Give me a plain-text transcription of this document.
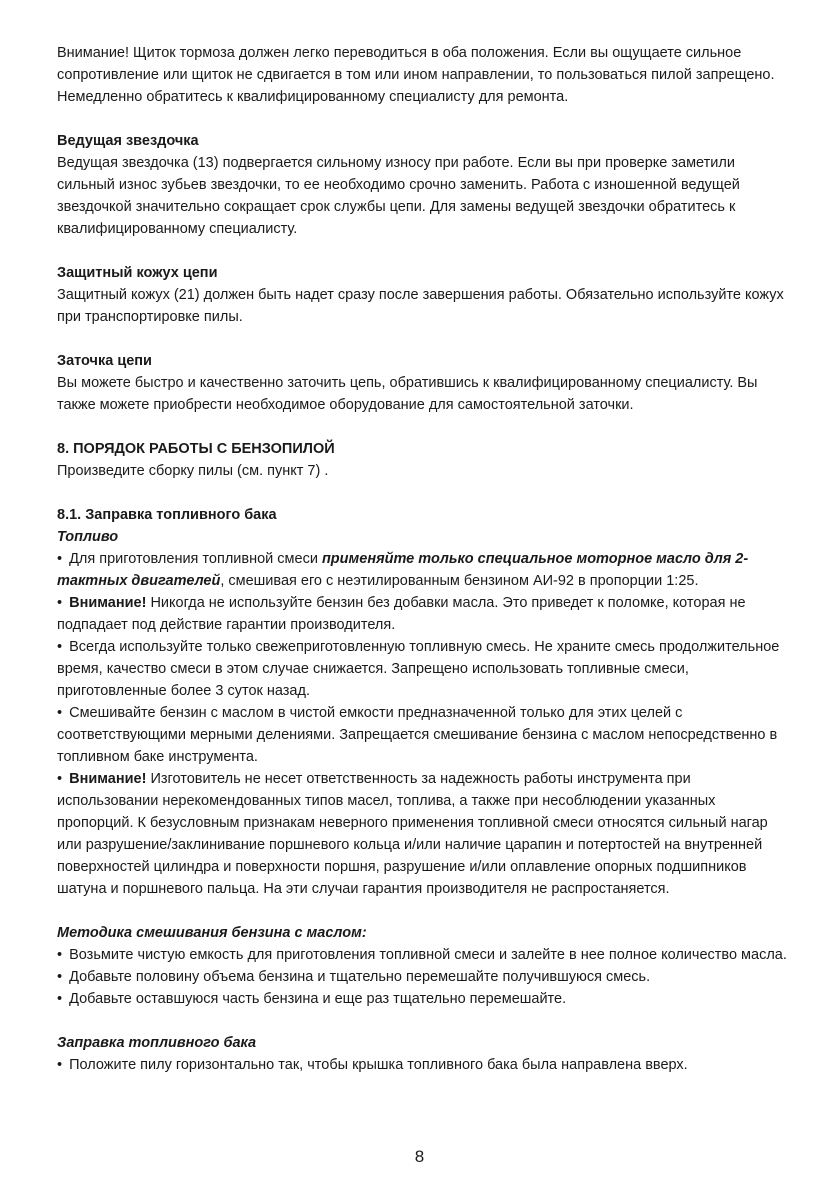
Внимание! Щиток тормоза должен легко переводиться в оба положения. Если вы ощущаете сильное сопротивление или щиток не сдвигается в том или ином направлении, то пользоваться пилой запрещено. Немедленно обратитесь к квалифицированному специалисту для ремонта.

Ведущая звездочка

Ведущая звездочка (13) подвергается сильному износу при работе. Если вы при проверке заметили сильный износ зубьев звездочки, то ее необходимо срочно заменить. Работа с изношенной ведущей звездочкой значительно сокращает срок службы цепи. Для замены ведущей звездочки обратитесь к квалифицированному специалисту.

Защитный кожух цепи

Защитный кожух (21) должен быть надет сразу после завершения работы. Обязательно используйте кожух при транспортировке пилы.

Заточка цепи

Вы можете быстро и качественно заточить цепь, обратившись к квалифицированному специалисту. Вы также можете приобрести необходимое оборудование для самостоятельной заточки.

8. ПОРЯДОК РАБОТЫ С БЕНЗОПИЛОЙ

Произведите сборку пилы (см. пункт 7) .

8.1. Заправка топливного бака

Топливо

• Для приготовления топливной смеси применяйте только специальное моторное масло для 2-тактных двигателей, смешивая его с неэтилированным бензином АИ-92 в пропорции 1:25.

• Внимание! Никогда не используйте бензин без добавки масла. Это приведет к поломке, которая не подпадает под действие гарантии производителя.

• Всегда используйте только свежеприготовленную топливную смесь. Не храните смесь продолжительное время, качество смеси в этом случае снижается. Запрещено использовать топливные смеси, приготовленные более 3 суток назад.

• Смешивайте бензин с маслом в чистой емкости предназначенной только для этих целей с соответствующими мерными делениями. Запрещается смешивание бензина с маслом непосредственно в топливном баке инструмента.

• Внимание! Изготовитель не несет ответственность за надежность работы инструмента при использовании нерекомендованных типов масел, топлива, а также при несоблюдении указанных пропорций. К безусловным признакам неверного применения топливной смеси относятся сильный нагар или разрушение/заклинивание поршневого кольца и/или наличие царапин и потертостей на внутренней поверхностей цилиндра и поверхности поршня, разрушение и/или оплавление опорных подшипников шатуна и поршневого пальца. На эти случаи гарантия производителя не распростаняется.

Методика смешивания бензина с маслом:

• Возьмите чистую емкость для приготовления топливной смеси и залейте в нее полное количество масла.

• Добавьте половину объема бензина и тщательно перемешайте получившуюся смесь.

• Добавьте оставшуюся часть бензина и еще раз тщательно перемешайте.

Заправка топливного бака

• Положите пилу горизонтально так, чтобы крышка топливного бака была направлена вверх.

8
